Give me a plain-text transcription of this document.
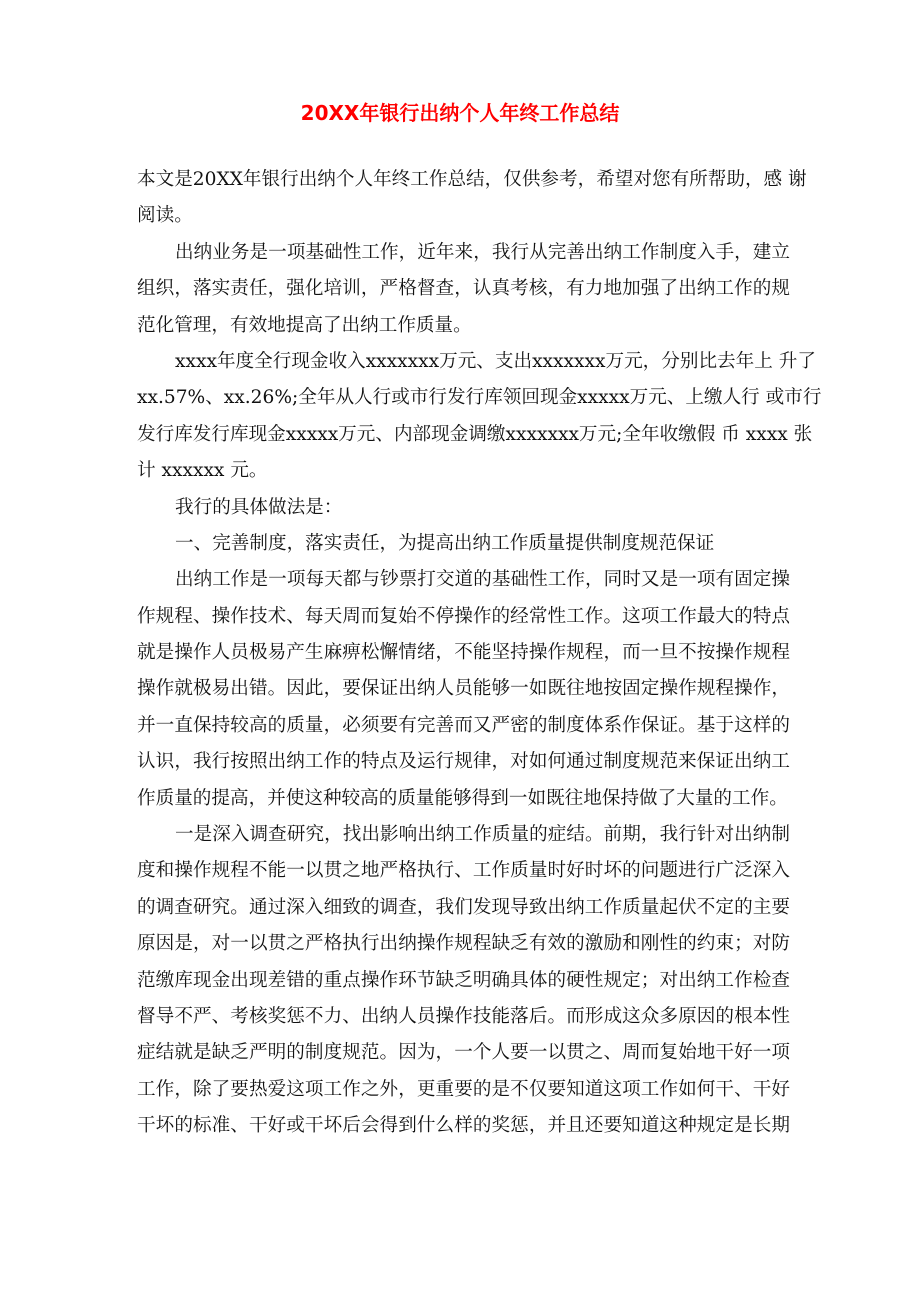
20XX年银行出纳个人年终工作总结
本文是20XX年银行出纳个人年终工作总结，仅供参考，希望对您有所帮助，感 谢
阅读。
出纳业务是一项基础性工作，近年来，我行从完善出纳工作制度入手，建立
组织，落实责任，强化培训，严格督查，认真考核，有力地加强了出纳工作的规
范化管理，有效地提高了出纳工作质量。
xxxx年度全行现金收入xxxxxxx万元、支出xxxxxxx万元，分别比去年上 升了
xx.57%、xx.26%;全年从人行或市行发行库领回现金xxxxx万元、上缴人行 或市行
发行库发行库现金xxxxx万元、内部现金调缴xxxxxxx万元;全年收缴假 币 xxxx 张
计 xxxxxx 元。
我行的具体做法是：
一、完善制度，落实责任，为提高出纳工作质量提供制度规范保证
出纳工作是一项每天都与钞票打交道的基础性工作，同时又是一项有固定操
作规程、操作技术、每天周而复始不停操作的经常性工作。这项工作最大的特点
就是操作人员极易产生麻痹松懈情绪，不能坚持操作规程，而一旦不按操作规程
操作就极易出错。因此，要保证出纳人员能够一如既往地按固定操作规程操作，
并一直保持较高的质量，必须要有完善而又严密的制度体系作保证。基于这样的
认识，我行按照出纳工作的特点及运行规律，对如何通过制度规范来保证出纳工
作质量的提高，并使这种较高的质量能够得到一如既往地保持做了大量的工作。
一是深入调查研究，找出影响出纳工作质量的症结。前期，我行针对出纳制
度和操作规程不能一以贯之地严格执行、工作质量时好时坏的问题进行广泛深入
的调查研究。通过深入细致的调查，我们发现导致出纳工作质量起伏不定的主要
原因是，对一以贯之严格执行出纳操作规程缺乏有效的激励和刚性的约束；对防
范缴库现金出现差错的重点操作环节缺乏明确具体的硬性规定；对出纳工作检查
督导不严、考核奖惩不力、出纳人员操作技能落后。而形成这众多原因的根本性
症结就是缺乏严明的制度规范。因为，一个人要一以贯之、周而复始地干好一项
工作，除了要热爱这项工作之外，更重要的是不仅要知道这项工作如何干、干好
干坏的标准、干好或干坏后会得到什么样的奖惩，并且还要知道这种规定是长期
